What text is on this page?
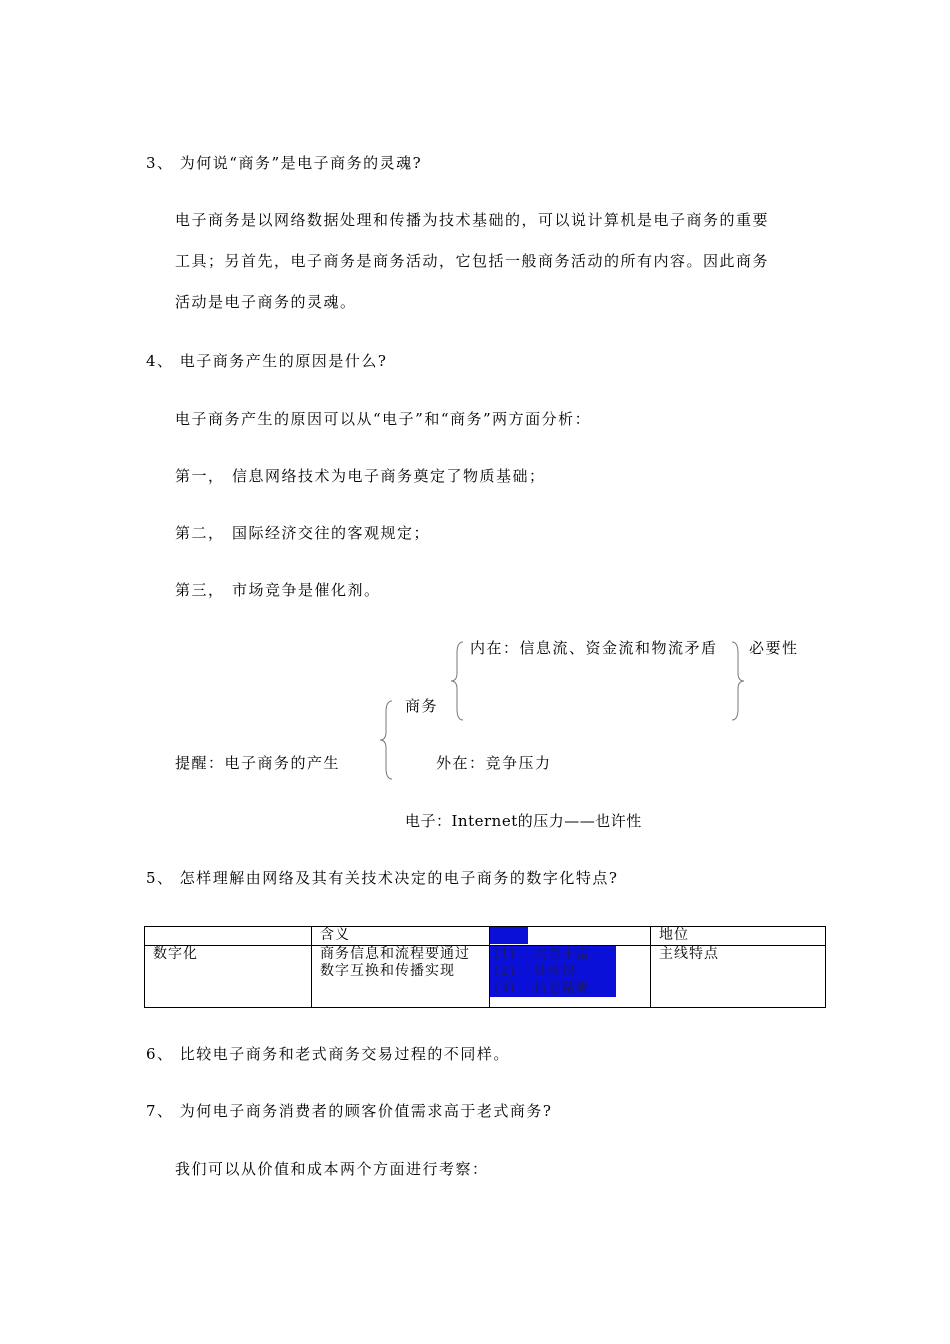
3、 为何说“商务”是电子商务的灵魂?
电子商务是以网络数据处理和传播为技术基础的，可以说计算机是电子商务的重要
工具；另首先，电子商务是商务活动，它包括一般商务活动的所有内容。因此商务
活动是电子商务的灵魂。
4、 电子商务产生的原因是什么?
电子商务产生的原因可以从“电子”和“商务”两方面分析：
第一， 信息网络技术为电子商务奠定了物质基础；
第二， 国际经济交往的客观规定；
第三， 市场竞争是催化剂。
内在：信息流、资金流和物流矛盾 必要性
商务
提醒：电子商务的产生	外在：竞争压力
电子：Internet的压力——也许性
5、 怎样理解由网络及其有关技术决定的电子商务的数字化特点?
	含义	特点	地位
数字化	商务信息和流程要通过数字互换和传播实现	(1) 内容丰富
(2) 速度快
(3) 信息精确	主线特点
6、 比较电子商务和老式商务交易过程的不同样。
7、 为何电子商务消费者的顾客价值需求高于老式商务?
我们可以从价值和成本两个方面进行考察：
